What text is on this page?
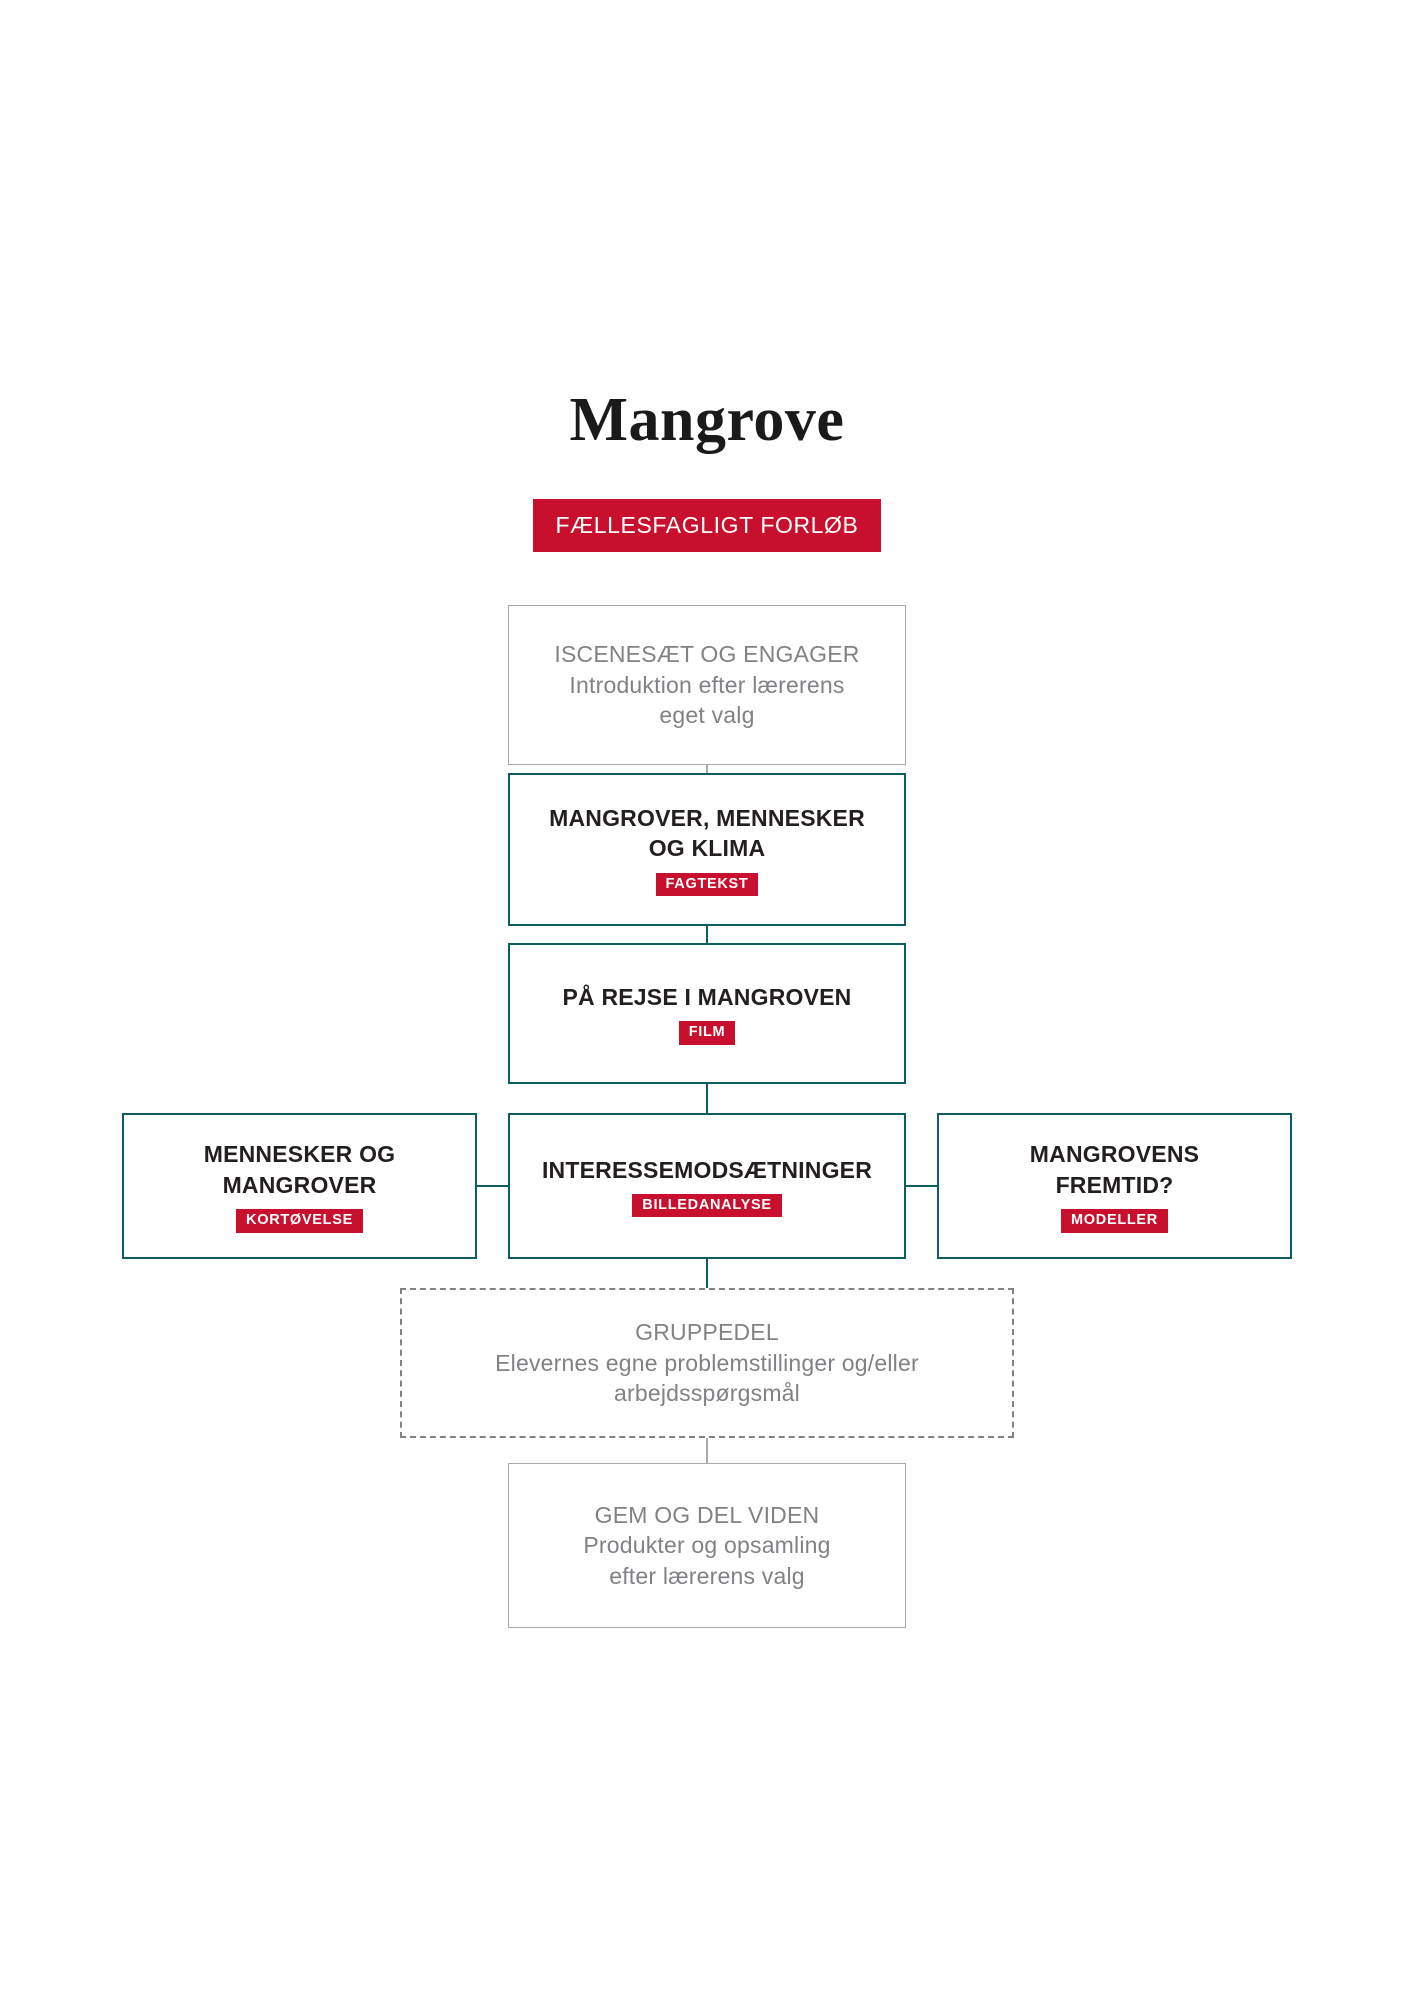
Mangrove
FÆLLESFAGLIGT FORLØB
ISCENESÆT OG ENGAGER
Introduktion efter lærerens
eget valg
MANGROVER, MENNESKER
OG KLIMA
FAGTEKST
PÅ REJSE I MANGROVEN
FILM
MENNESKER OG
MANGROVER
KORTØVELSE
INTERESSEMODSÆTNINGER
BILLEDANALYSE
MANGROVENS
FREMTID?
MODELLER
GRUPPEDEL
Elevernes egne problemstillinger og/eller
arbejdsspørgsmål
GEM OG DEL VIDEN
Produkter og opsamling
efter lærerens valg
